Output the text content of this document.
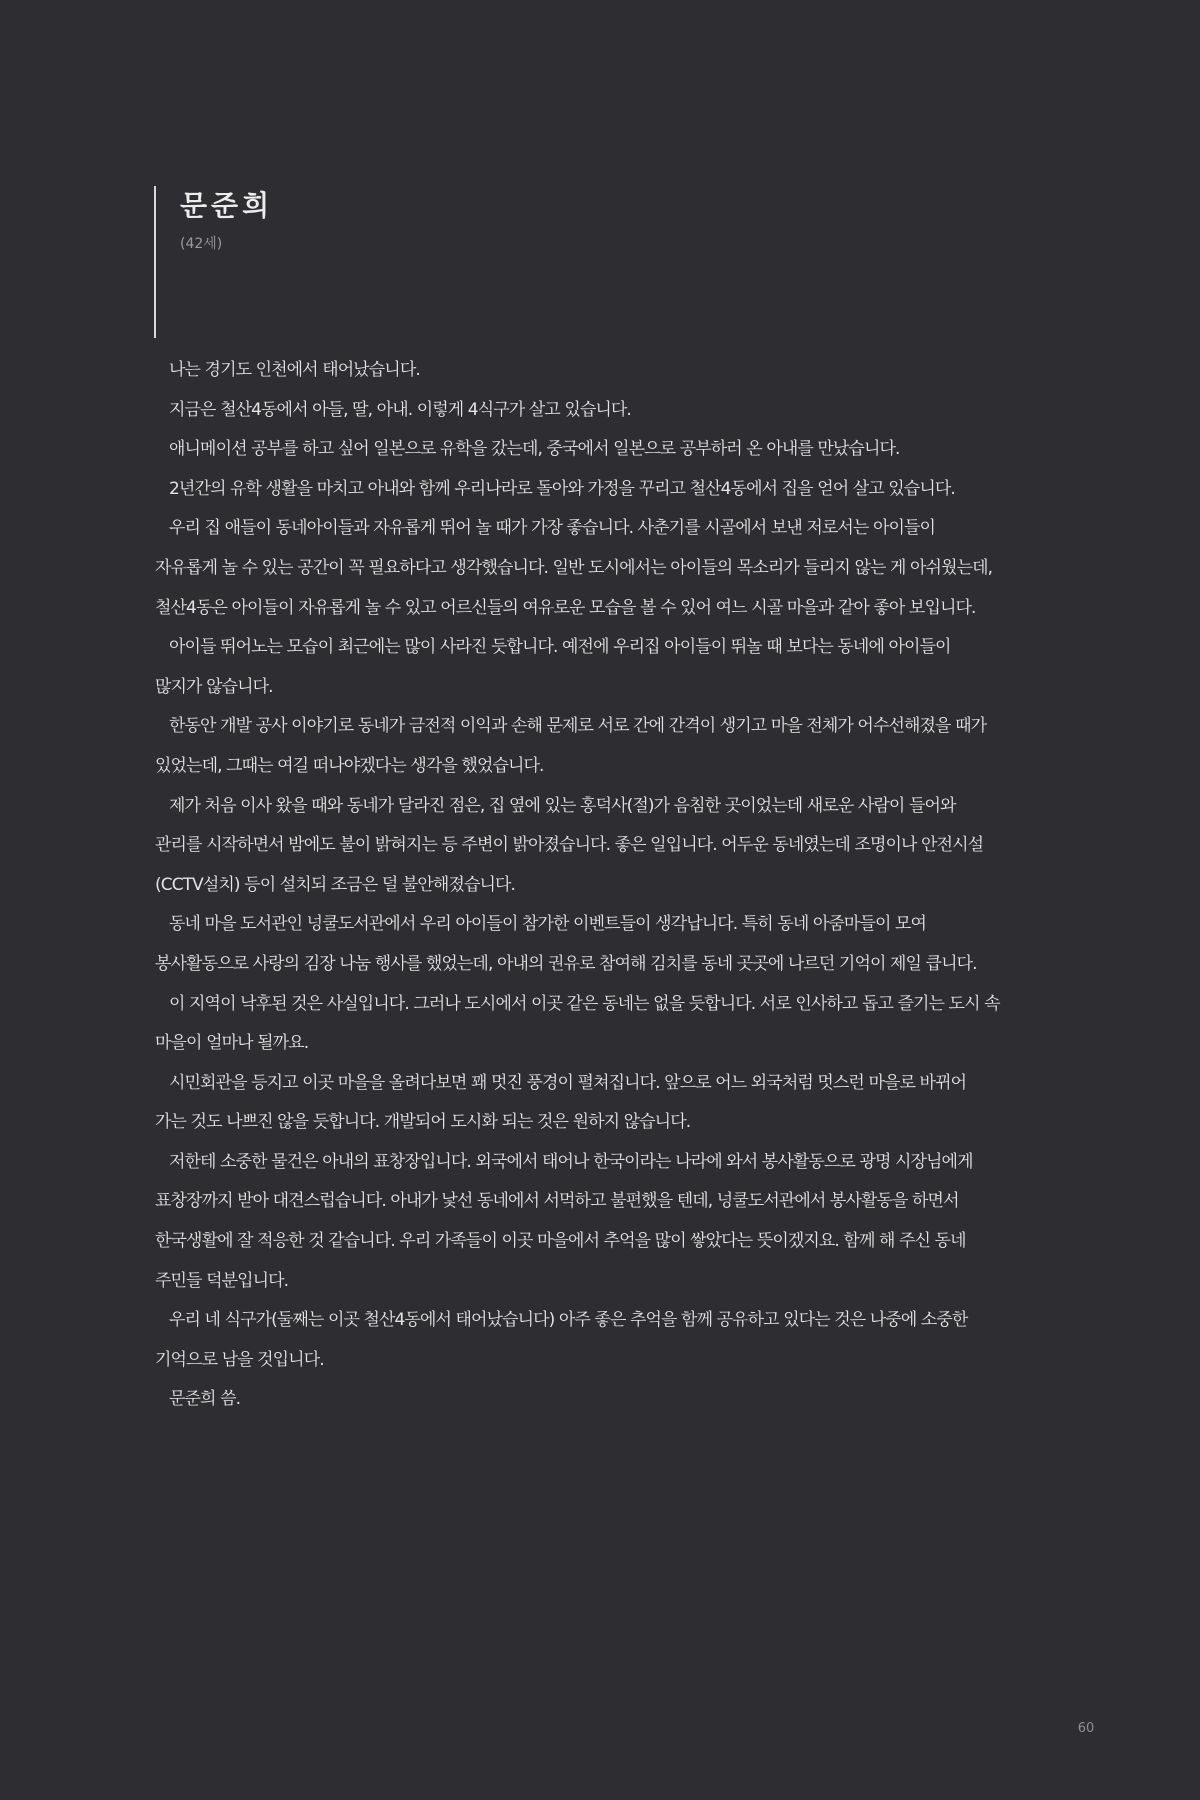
문준희
(42세)

나는 경기도 인천에서 태어났습니다.

지금은 철산4동에서 아들, 딸, 아내. 이렇게 4식구가 살고 있습니다.

애니메이션 공부를 하고 싶어 일본으로 유학을 갔는데, 중국에서 일본으로 공부하러 온 아내를 만났습니다.

2년간의 유학 생활을 마치고 아내와 함께 우리나라로 돌아와 가정을 꾸리고 철산4동에서 집을 얻어 살고 있습니다.

우리 집 애들이 동네아이들과 자유롭게 뛰어 놀 때가 가장 좋습니다. 사춘기를 시골에서 보낸 저로서는 아이들이 자유롭게 놀 수 있는 공간이 꼭 필요하다고 생각했습니다. 일반 도시에서는 아이들의 목소리가 들리지 않는 게 아쉬웠는데, 철산4동은 아이들이 자유롭게 놀 수 있고 어르신들의 여유로운 모습을 볼 수 있어 여느 시골 마을과 같아 좋아 보입니다.

아이들 뛰어노는 모습이 최근에는 많이 사라진 듯합니다. 예전에 우리집 아이들이 뛰놀 때 보다는 동네에 아이들이 많지가 않습니다.

한동안 개발 공사 이야기로 동네가 금전적 이익과 손해 문제로 서로 간에 간격이 생기고 마을 전체가 어수선해졌을 때가 있었는데, 그때는 여길 떠나야겠다는 생각을 했었습니다.

제가 처음 이사 왔을 때와 동네가 달라진 점은, 집 옆에 있는 홍덕사(절)가 음침한 곳이었는데 새로운 사람이 들어와 관리를 시작하면서 밤에도 불이 밝혀지는 등 주변이 밝아졌습니다. 좋은 일입니다. 어두운 동네였는데 조명이나 안전시설(CCTV설치) 등이 설치되 조금은 덜 불안해졌습니다.

동네 마을 도서관인 넝쿨도서관에서 우리 아이들이 참가한 이벤트들이 생각납니다. 특히 동네 아줌마들이 모여 봉사활동으로 사랑의 김장 나눔 행사를 했었는데, 아내의 권유로 참여해 김치를 동네 곳곳에 나르던 기억이 제일 큽니다.

이 지역이 낙후된 것은 사실입니다. 그러나 도시에서 이곳 같은 동네는 없을 듯합니다. 서로 인사하고 돕고 즐기는 도시 속 마을이 얼마나 될까요.

시민회관을 등지고 이곳 마을을 올려다보면 꽤 멋진 풍경이 펼쳐집니다. 앞으로 어느 외국처럼 멋스런 마을로 바뀌어 가는 것도 나쁘진 않을 듯합니다. 개발되어 도시화 되는 것은 원하지 않습니다.

저한테 소중한 물건은 아내의 표창장입니다. 외국에서 태어나 한국이라는 나라에 와서 봉사활동으로 광명 시장님에게 표창장까지 받아 대견스럽습니다. 아내가 낯선 동네에서 서먹하고 불편했을 텐데, 넝쿨도서관에서 봉사활동을 하면서 한국생활에 잘 적응한 것 같습니다. 우리 가족들이 이곳 마을에서 추억을 많이 쌓았다는 뜻이겠지요. 함께 해 주신 동네 주민들 덕분입니다.

우리 네 식구가(둘째는 이곳 철산4동에서 태어났습니다) 아주 좋은 추억을 함께 공유하고 있다는 것은 나중에 소중한 기억으로 남을 것입니다.

문준희 씀.

60
